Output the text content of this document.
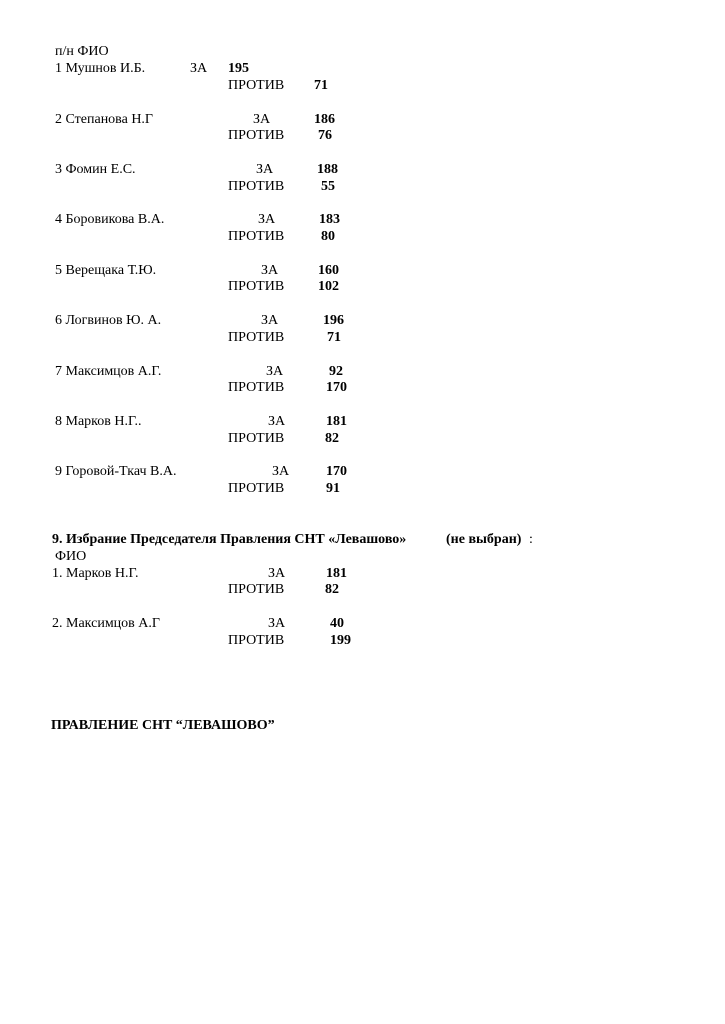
п/н ФИО
1 Мушнов И.Б.	ЗА 195
ПРОТИВ 71
2 Степанова Н.Г	ЗА	186
ПРОТИВ 76
3 Фомин Е.С.	ЗА	188
ПРОТИВ	55
4 Боровикова В.А.	ЗА	183
ПРОТИВ	80
5 Верещака Т.Ю.	ЗА	160
ПРОТИВ 102
6 Логвинов Ю. А.	ЗА	196
ПРОТИВ	71
7 Максимцов А.Г.	ЗА	92
ПРОТИВ	170
8 Марков Н.Г..	ЗА	181
ПРОТИВ	82
9 Горовой-Ткач В.А.	ЗА	170
ПРОТИВ	91
9. Избрание Председателя Правления СНТ «Левашово»	(не выбран) :
ФИО
1. Марков Н.Г.	ЗА	181
ПРОТИВ	82
2. Максимцов А.Г	ЗА	40
ПРОТИВ	199
ПРАВЛЕНИЕ СНТ “ЛЕВАШОВО”
